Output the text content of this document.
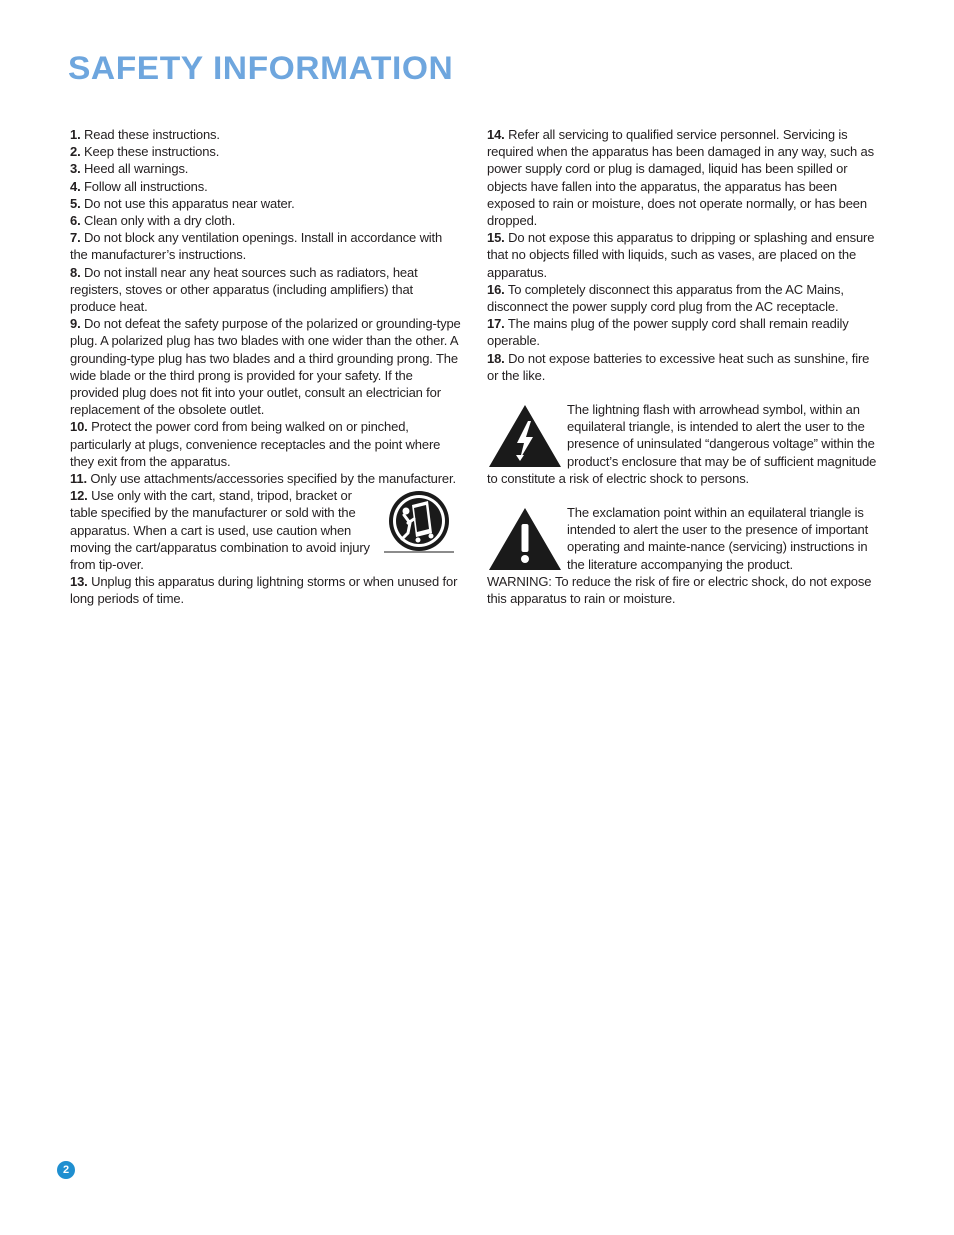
SAFETY INFORMATION

1. Read these instructions.

2. Keep these instructions.

3. Heed all warnings.

4. Follow all instructions.

5. Do not use this apparatus near water.

6. Clean only with a dry cloth.

7. Do not block any ventilation openings. Install in accordance with the manufacturer’s instructions.

8. Do not install near any heat sources such as radiators, heat registers, stoves or other apparatus (including amplifiers) that produce heat.

9. Do not defeat the safety purpose of the polarized or grounding-type plug. A polarized plug has two blades with one wider than the other. A grounding-type plug has two blades and a third grounding prong. The wide blade or the third prong is provided for your safety. If the provided plug does not fit into your outlet, consult an electrician for replacement of the obsolete outlet.

10. Protect the power cord from being walked on or pinched, particularly at plugs, convenience receptacles and the point where they exit from the apparatus.

11. Only use attachments/accessories specified by the manufacturer.

12. Use only with the cart, stand, tripod, bracket or table specified by the manufacturer or sold with the apparatus. When a cart is used, use caution when moving the cart/apparatus combination to avoid injury from tip-over.

13. Unplug this apparatus during lightning storms or when unused for long periods of time.

14. Refer all servicing to qualified service personnel. Servicing is required when the apparatus has been damaged in any way, such as power supply cord or plug is damaged, liquid has been spilled or objects have fallen into the apparatus, the apparatus has been exposed to rain or moisture, does not operate normally, or has been dropped.

15. Do not expose this apparatus to dripping or splashing and ensure that no objects filled with liquids, such as vases, are placed on the apparatus.

16. To completely disconnect this apparatus from the AC Mains, disconnect the power supply cord plug from the AC receptacle.

17. The mains plug of the power supply cord shall remain readily operable.

18. Do not expose batteries to excessive heat such as sunshine, fire or the like.

The lightning flash with arrowhead symbol, within an equilateral triangle, is intended to alert the user to the presence of uninsulated “dangerous voltage” within the product’s enclosure that may be of sufficient magnitude to constitute a risk of electric shock to persons.

The exclamation point within an equilateral triangle is intended to alert the user to the presence of important operating and mainte-nance (servicing) instructions in the literature accompanying the product.

WARNING: To reduce the risk of fire or electric shock, do not expose this apparatus to rain or moisture.

2
